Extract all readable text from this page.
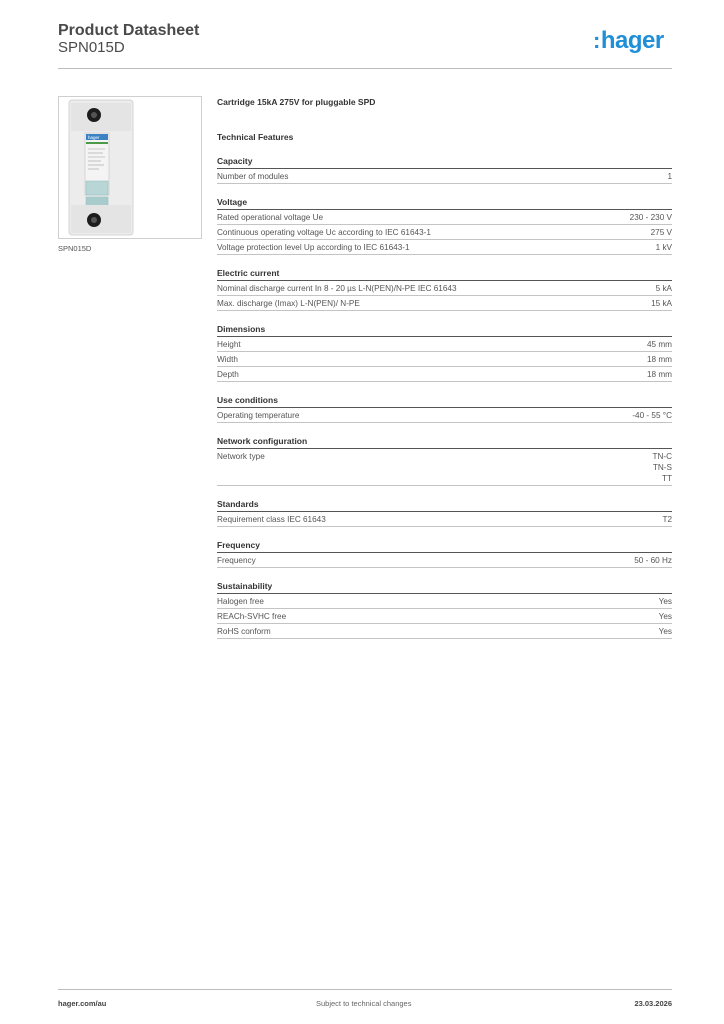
Product Datasheet
SPN015D	:hager
hager
SPN015D
Cartridge 15kA 275V for pluggable SPD
Technical Features
Capacity
Number of modules	1
Voltage
Rated operational voltage Ue	230 - 230 V
Continuous operating voltage Uc according to IEC 61643-1	275 V
Voltage protection level Up according to IEC 61643-1	1 kV
Electric current
Nominal discharge current In 8 - 20 µs L-N(PEN)/N-PE IEC 61643	5 kA
Max. discharge (Imax) L-N(PEN)/ N-PE	15 kA
Dimensions
Height	45 mm
Width	18 mm
Depth	18 mm
Use conditions
Operating temperature	-40 - 55 °C
Network configuration
Network type	TN-C
TN-S
TT
Standards
Requirement class IEC 61643	T2
Frequency
Frequency	50 - 60 Hz
Sustainability
Halogen free	Yes
REACh-SVHC free	Yes
RoHS conform	Yes
hager.com/au	Subject to technical changes	23.03.2026
